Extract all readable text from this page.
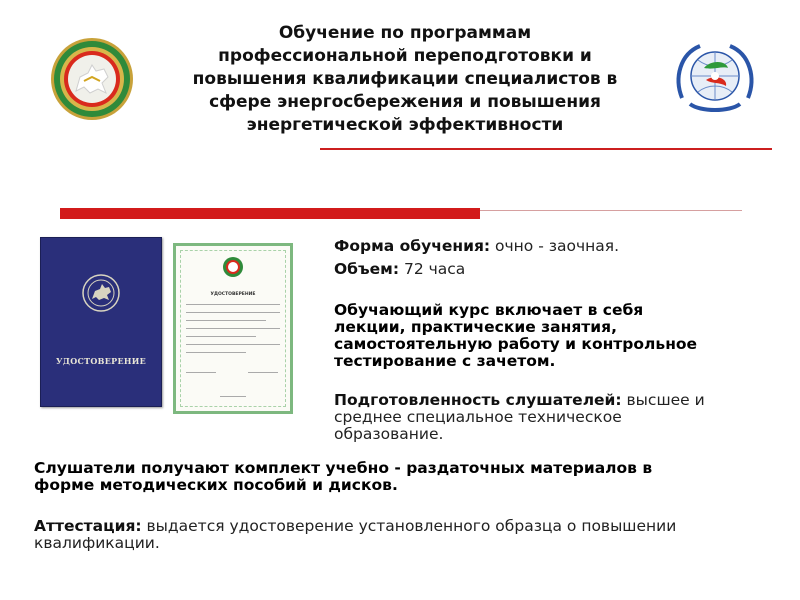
Обучение по программам
профессиональной переподготовки и
повышения квалификации специалистов в
сфере энергосбережения и повышения
энергетической эффективности
УДОСТОВЕРЕНИЕ
УДОСТОВЕРЕНИЕ
Форма обучения: очно - заочная.
Объем: 72 часа
Обучающий курс включает в себя
лекции, практические занятия,
самостоятельную работу и контрольное
тестирование с зачетом.
Подготовленность слушателей: высшее и
среднее специальное техническое
образование.
Слушатели получают комплект учебно - раздаточных материалов в
форме методических пособий и дисков.
Аттестация: выдается удостоверение установленного образца о повышении
квалификации.
